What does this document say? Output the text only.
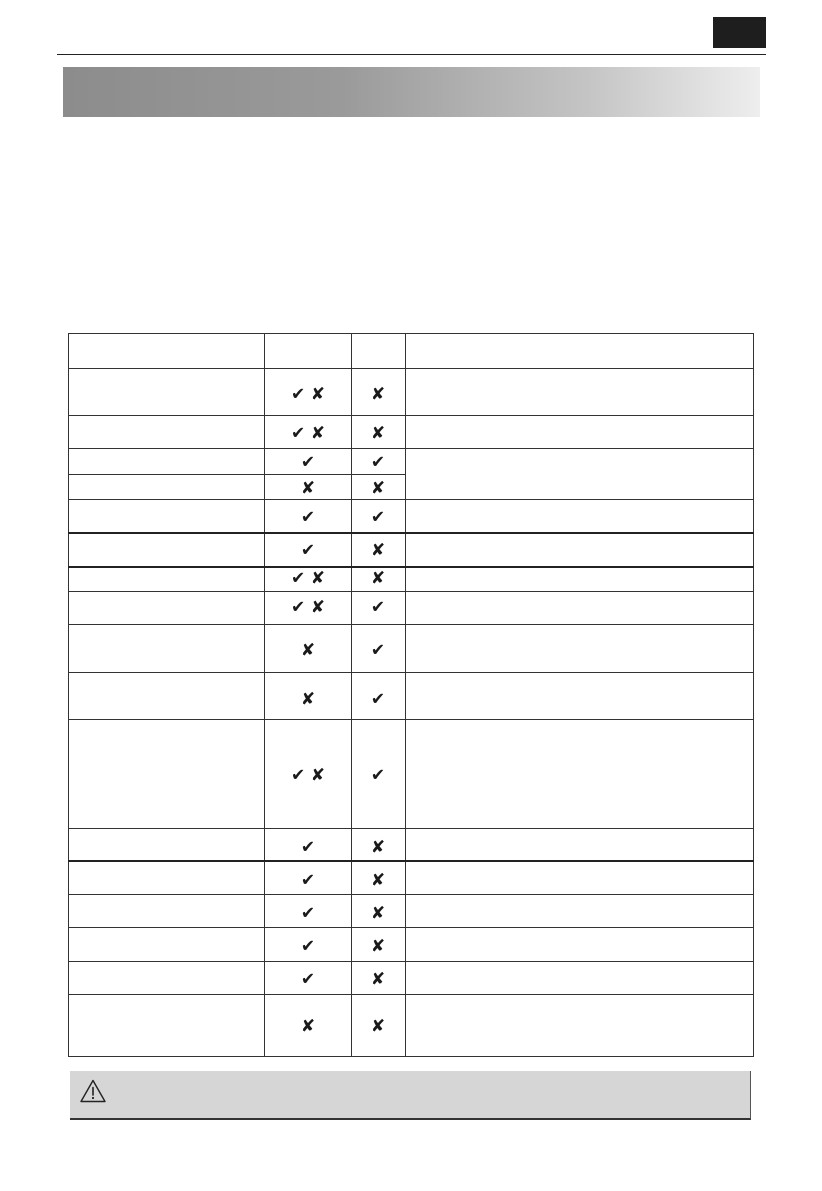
✔ ✘	✘
✔ ✘	✘
✔	✔
✘	✘
✔	✔
✔	✘
✔ ✘	✘
✔ ✘	✔
✘	✔
✘	✔
✔ ✘	✔
✔	✘
✔	✘
✔	✘
✔	✘
✔	✘
✘	✘
